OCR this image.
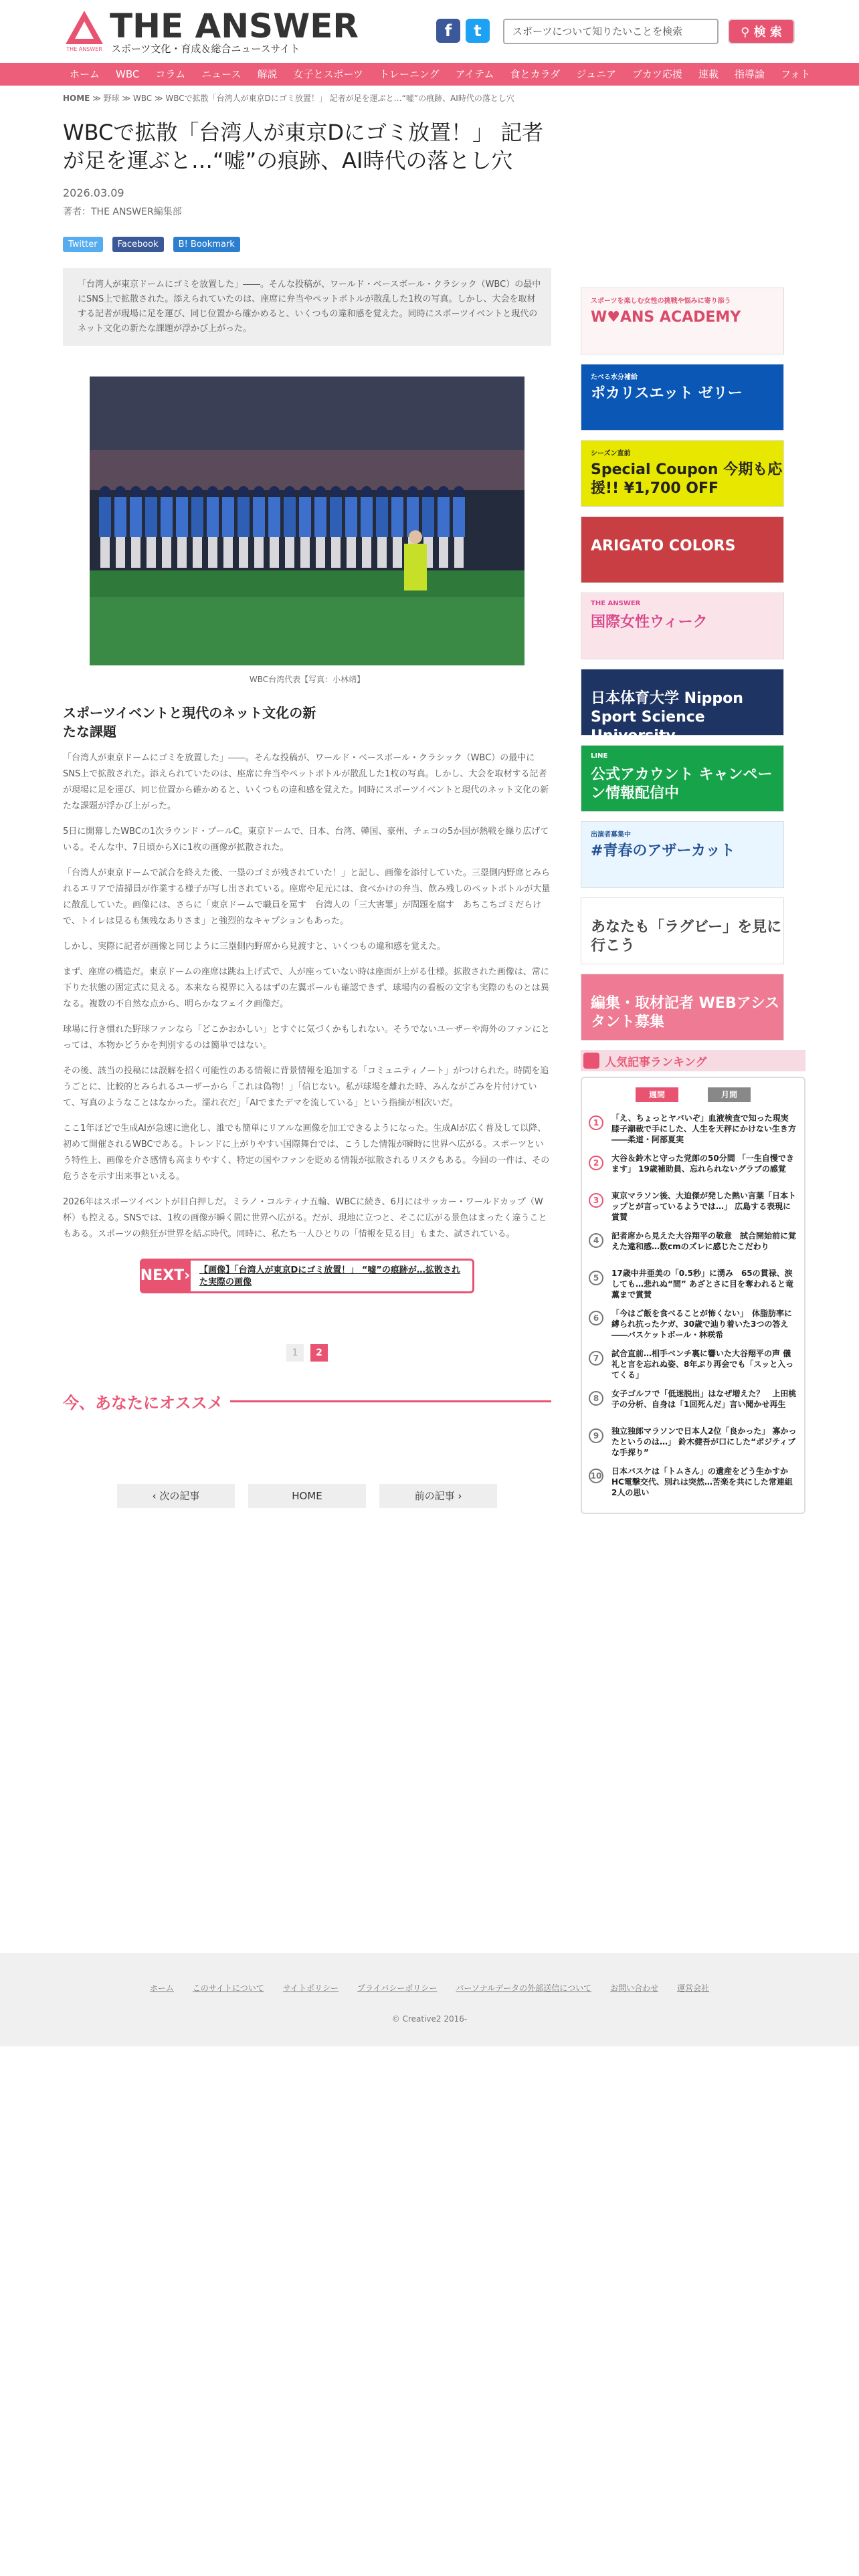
THE ANSWER
THE ANSWER
スポーツ文化・育成＆総合ニュースサイト
f	t	スポーツについて知りたいことを検索	⚲ 検 索
ホーム	WBC	コラム	ニュース	解説	女子とスポーツ	トレーニング	アイテム	食とカラダ	ジュニア	ブカツ応援	連載	指導論	フォト
HOME ≫ 野球 ≫ WBC ≫ WBCで拡散「台湾人が東京Dにゴミ放置！」 記者が足を運ぶと…“嘘”の痕跡、AI時代の落とし穴
WBCで拡散「台湾人が東京Dにゴミ放置！」 記者が足を運ぶと…“嘘”の痕跡、AI時代の落とし穴
2026.03.09
著者：THE ANSWER編集部
Twitter	Facebook	B! Bookmark
「台湾人が東京ドームにゴミを放置した」――。そんな投稿が、ワールド・ベースボール・クラシック（WBC）の最中にSNS上で拡散された。添えられていたのは、座席に弁当やペットボトルが散乱した1枚の写真。しかし、大会を取材する記者が現場に足を運び、同じ位置から確かめると、いくつもの違和感を覚えた。同時にスポーツイベントと現代のネット文化の新たな課題が浮かび上がった。
WBC台湾代表【写真：小林靖】
スポーツイベントと現代のネット文化の新たな課題

「台湾人が東京ドームにゴミを放置した」――。そんな投稿が、ワールド・ベースボール・クラシック（WBC）の最中にSNS上で拡散された。添えられていたのは、座席に弁当やペットボトルが散乱した1枚の写真。しかし、大会を取材する記者が現場に足を運び、同じ位置から確かめると、いくつもの違和感を覚えた。同時にスポーツイベントと現代のネット文化の新たな課題が浮かび上がった。

5日に開幕したWBCの1次ラウンド・プールC。東京ドームで、日本、台湾、韓国、豪州、チェコの5か国が熱戦を繰り広げている。そんな中、7日頃からXに1枚の画像が拡散された。

「台湾人が東京ドームで試合を終えた後、一塁のゴミが残されていた！」と記し、画像を添付していた。三塁側内野席とみられるエリアで清掃員が作業する様子が写し出されている。座席や足元には、食べかけの弁当、飲み残しのペットボトルが大量に散乱していた。画像には、さらに「東京ドームで職員を罵す　台湾人の「三大害罪」が問題を腐す　あちこちゴミだらけで、トイレは見るも無残なありさま」と強烈的なキャプションもあった。

しかし、実際に記者が画像と同じように三塁側内野席から見渡すと、いくつもの違和感を覚えた。

まず、座席の構造だ。東京ドームの座席は跳ね上げ式で、人が座っていない時は座面が上がる仕様。拡散された画像は、常に下りた状態の固定式に見える。本来なら視界に入るはずの左翼ポールも確認できず、球場内の看板の文字も実際のものとは異なる。複数の不自然な点から、明らかなフェイク画像だ。

球場に行き慣れた野球ファンなら「どこかおかしい」とすぐに気づくかもしれない。そうでないユーザーや海外のファンにとっては、本物かどうかを判別するのは簡単ではない。

その後、該当の投稿には誤解を招く可能性のある情報に背景情報を追加する「コミュニティノート」がつけられた。時間を追うごとに、比較的とみられるユーザーから「これは偽物！」「信じない。私が球場を離れた時、みんながごみを片付けていて、写真のようなことはなかった。濡れ衣だ」「AIでまたデマを流している」という指摘が相次いだ。

ここ1年ほどで生成AIが急速に進化し、誰でも簡単にリアルな画像を加工できるようになった。生成AIが広く普及して以降、初めて開催されるWBCである。トレンドに上がりやすい国際舞台では、こうした情報が瞬時に世界へ広がる。スポーツという特性上、画像を介さ感情も高まりやすく、特定の国やファンを貶める情報が拡散されるリスクもある。今回の一件は、その危うさを示す出来事といえる。

2026年はスポーツイベントが目白押しだ。ミラノ・コルティナ五輪、WBCに続き、6月にはサッカー・ワールドカップ（W杯）も控える。SNSでは、1枚の画像が瞬く間に世界へ広がる。だが、現地に立つと、そこに広がる景色はまったく違うこともある。スポーツの熱狂が世界を結ぶ時代。同時に、私たち一人ひとりの「情報を見る目」もまた、試されている。

NEXT› 【画像】「台湾人が東京Dにゴミ放置！」 “嘘”の痕跡が…拡散された実際の画像
1	2
今、あなたにオススメ
‹ 次の記事	HOME	前の記事 ›
スポーツを楽しむ女性の挑戦や悩みに寄り添う
W♥ANS ACADEMY
たべる水分補給
ポカリスエット ゼリー
シーズン直前
Special Coupon 今期も応援!! ¥1,700 OFF
ARIGATO COLORS
THE ANSWER
国際女性ウィーク
日本体育大学 Nippon Sport Science University
LINE
公式アカウント キャンペーン情報配信中
出演者募集中
#青春のアザーカット
あなたも「ラグビー」を見に行こう
編集・取材記者 WEBアシスタント募集
人気記事ランキング
週間	月間
1	「え、ちょっとヤバいぞ」血液検査で知った現実 膝子潮裁で手にした、人生を天秤にかけない生き方――柔道・阿部夏実
2	大谷＆鈴木と守った党郎の50分間 「一生自慢できます」 19歳補助員、忘れられないグラブの感覚
3	東京マラソン後、大迫傑が発した熱い言葉「日本トップとが言っているようでは…」 広島する表現に賞賛
4	記者席から見えた大谷翔平の敬意　試合開始前に覚えた違和感…数cmのズレに感じたこだわり
5	17歳中井亜美の「0.5秒」に湧み　65の貫禄、涙しても…悲れぬ“間” あざとさに目を奪われると竜薫まで賞賛
6	「今はご飯を食べることが怖くない」　体脂肪率に縛られ抗ったケガ、30歳で辿り着いた3つの答え――バスケットボール・林咲希
7	試合直前…相手ベンチ裏に響いた大谷翔平の声 儀礼と言を忘れぬ姿、8年ぶり再会でも「スッと入ってくる」
8	女子ゴルフで「低迷脱出」はなぜ増えた？　上田桃子の分析、自身は「1回死んだ」言い聞かせ再生
9	独立独郎マラソンで日本人2位「良かった」 寡かったというのは…」 鈴木健吾が口にした“ポジティブな手探り”
10 日本バスケは「トムさん」の遺産をどう生かすか　HC電撃交代、別れは突然…苦楽を共にした常連組2人の思い
ホーム このサイトについて サイトポリシー プライバシーポリシー パーソナルデータの外部送信について お問い合わせ 運営会社
© Creative2 2016-
